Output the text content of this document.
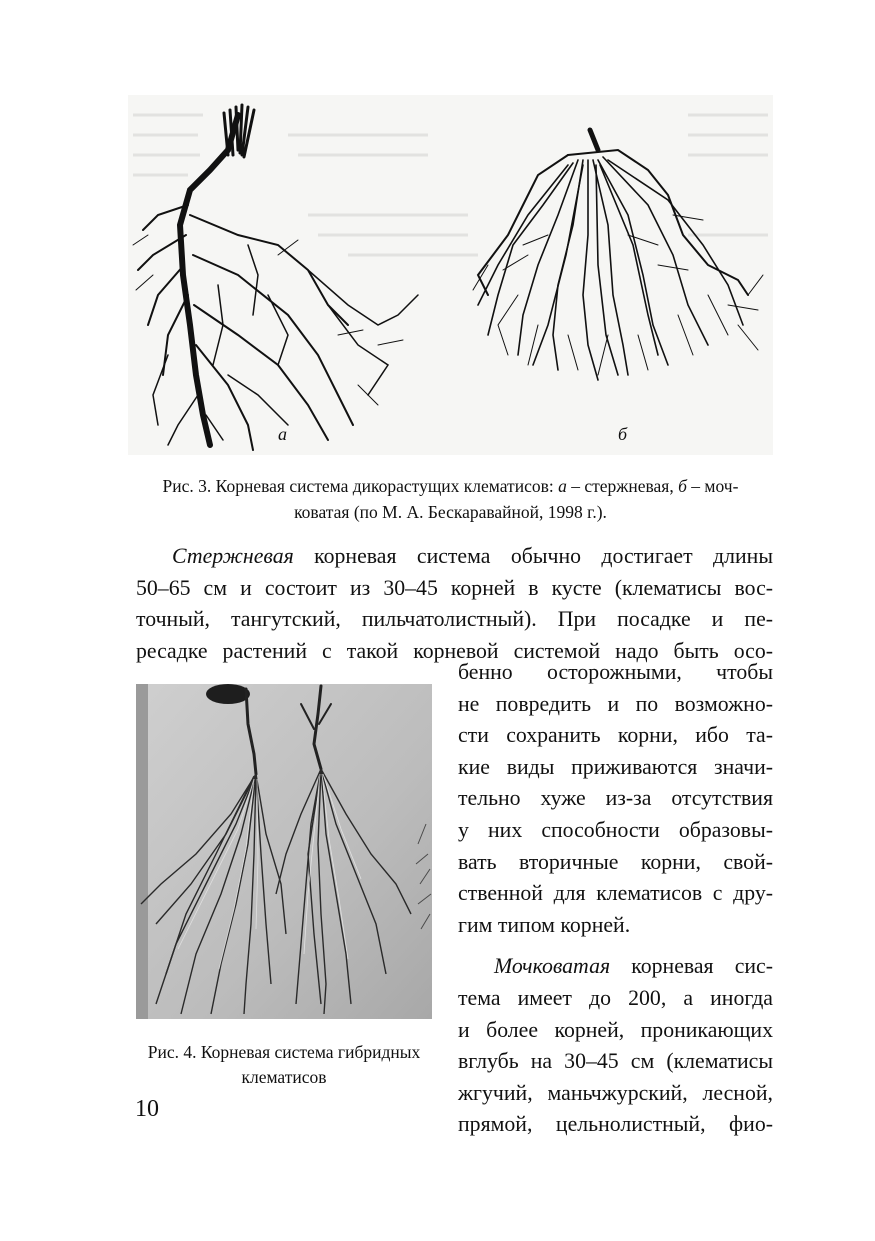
а	б
Рис. 3. Корневая система дикорастущих клематисов: а – стержневая, б – моч-
коватая (по М. А. Бескаравайной, 1998 г.).
Стержневая корневая система обычно достигает длины
50–65 см и состоит из 30–45 корней в кусте (клематисы вос-
точный, тангутский, пильчатолистный). При посадке и пе-
ресадке растений с такой корневой системой надо быть осо-
Рис. 4. Корневая система гибридных
клематисов
бенно осторожными, чтобы
не повредить и по возможно-
сти сохранить корни, ибо та-
кие виды приживаются значи-
тельно хуже из-за отсутствия
у них способности образовы-
вать вторичные корни, свой-
ственной для клематисов с дру-
гим типом корней.
Мочковатая корневая сис-
тема имеет до 200, а иногда
и более корней, проникающих
вглубь на 30–45 см (клематисы
жгучий, маньчжурский, лесной,
прямой, цельнолистный, фио-
10
